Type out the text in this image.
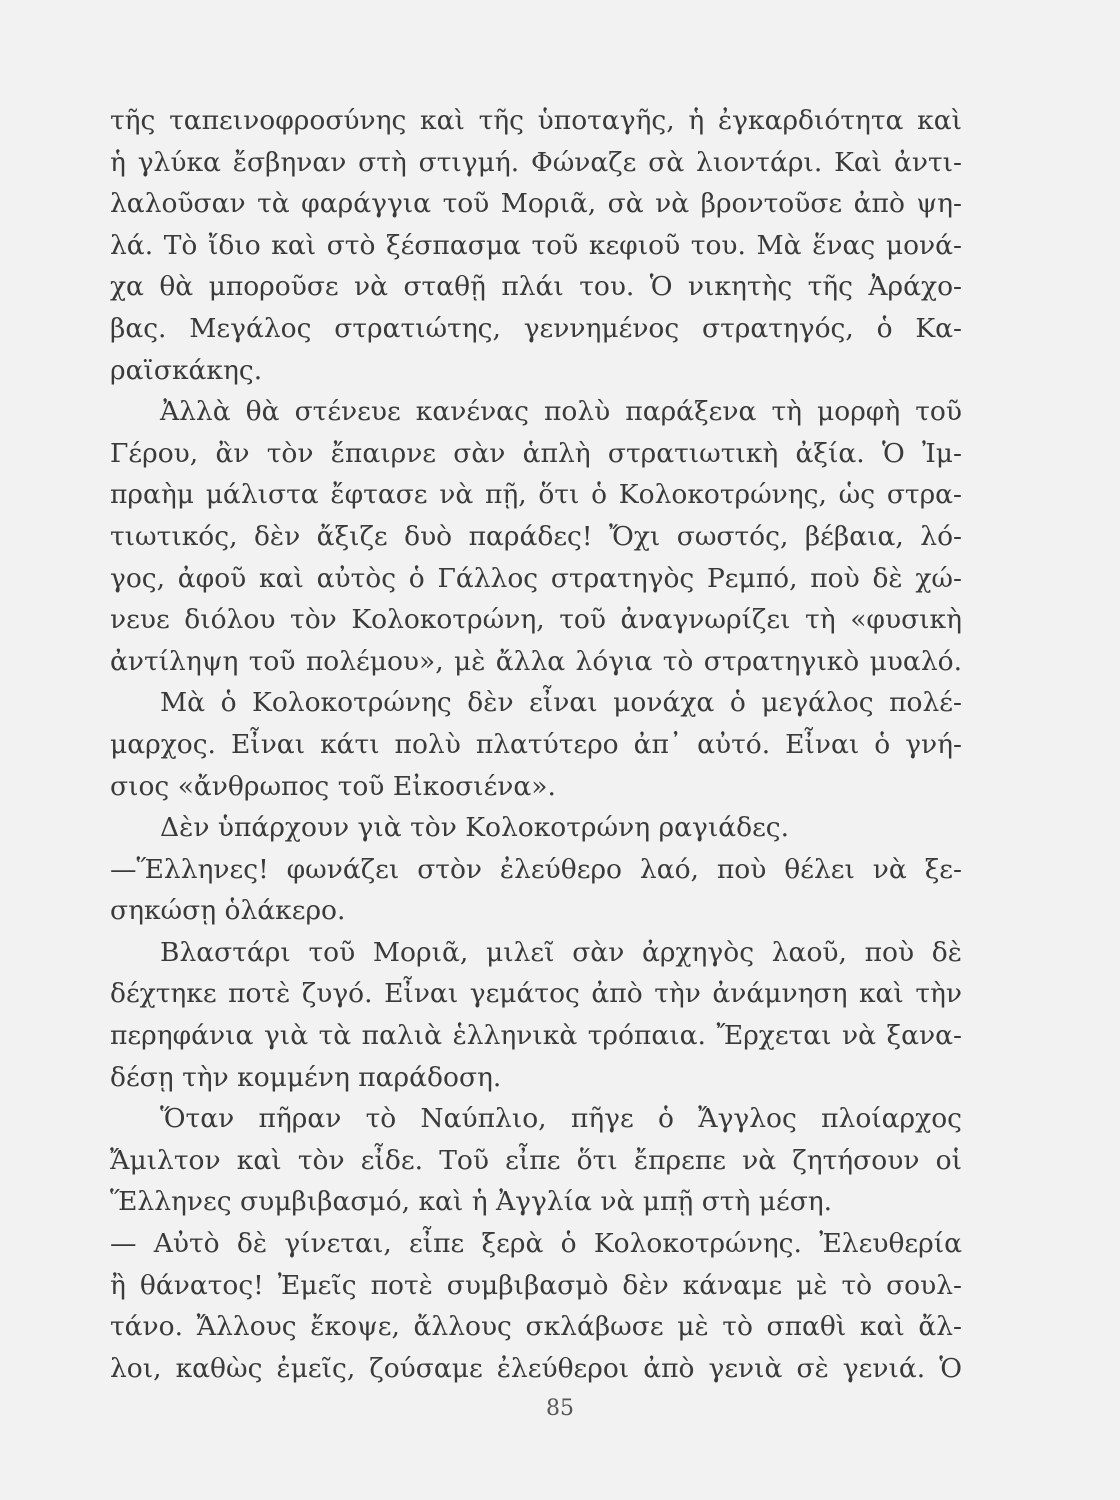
τῆς ταπεινοφροσύνης καὶ τῆς ὑποταγῆς, ἡ ἐγκαρδιότητα καὶ
ἡ γλύκα ἔσβηναν στὴ στιγμή. Φώναζε σὰ λιοντάρι. Καὶ ἀντι-
λαλοῦσαν τὰ φαράγγια τοῦ Μοριᾶ, σὰ νὰ βροντοῦσε ἀπὸ ψη-
λά. Τὸ ἴδιο καὶ στὸ ξέσπασμα τοῦ κεφιοῦ του. Μὰ ἕνας μονά-
χα θὰ μποροῦσε νὰ σταθῇ πλάι του. Ὁ νικητὴς τῆς Ἀράχο-
βας. Μεγάλος στρατιώτης, γεννημένος στρατηγός, ὁ Κα-
ραϊσκάκης.
Ἀλλὰ θὰ στένευε κανένας πολὺ παράξενα τὴ μορφὴ τοῦ
Γέρου, ἂν τὸν ἔπαιρνε σὰν ἁπλὴ στρατιωτικὴ ἀξία. Ὁ Ἰμ-
πραὴμ μάλιστα ἔφτασε νὰ πῇ, ὅτι ὁ Κολοκοτρώνης, ὡς στρα-
τιωτικός, δὲν ἄξιζε δυὸ παράδες! Ὄχι σωστός, βέβαια, λό-
γος, ἀφοῦ καὶ αὐτὸς ὁ Γάλλος στρατηγὸς Ρεμπό, ποὺ δὲ χώ-
νευε διόλου τὸν Κολοκοτρώνη, τοῦ ἀναγνωρίζει τὴ «φυσικὴ
ἀντίληψη τοῦ πολέμου», μὲ ἄλλα λόγια τὸ στρατηγικὸ μυαλό.
Μὰ ὁ Κολοκοτρώνης δὲν εἶναι μονάχα ὁ μεγάλος πολέ-
μαρχος. Εἶναι κάτι πολὺ πλατύτερο ἀπ᾽ αὐτό. Εἶναι ὁ γνή-
σιος «ἄνθρωπος τοῦ Εἰκοσιένα».
Δὲν ὑπάρχουν γιὰ τὸν Κολοκοτρώνη ραγιάδες.
—Ἕλληνες! φωνάζει στὸν ἐλεύθερο λαό, ποὺ θέλει νὰ ξε-
σηκώσῃ ὁλάκερο.
Βλαστάρι τοῦ Μοριᾶ, μιλεῖ σὰν ἀρχηγὸς λαοῦ, ποὺ δὲ
δέχτηκε ποτὲ ζυγό. Εἶναι γεμάτος ἀπὸ τὴν ἀνάμνηση καὶ τὴν
περηφάνια γιὰ τὰ παλιὰ ἑλληνικὰ τρόπαια. Ἔρχεται νὰ ξανα-
δέσῃ τὴν κομμένη παράδοση.
Ὅταν πῆραν τὸ Ναύπλιο, πῆγε ὁ Ἄγγλος πλοίαρχος
Ἄμιλτον καὶ τὸν εἶδε. Τοῦ εἶπε ὅτι ἔπρεπε νὰ ζητήσουν οἱ
Ἕλληνες συμβιβασμό, καὶ ἡ Ἀγγλία νὰ μπῇ στὴ μέση.
— Αὐτὸ δὲ γίνεται, εἶπε ξερὰ ὁ Κολοκοτρώνης. Ἐλευθερία
ἢ θάνατος! Ἐμεῖς ποτὲ συμβιβασμὸ δὲν κάναμε μὲ τὸ σουλ-
τάνο. Ἄλλους ἔκοψε, ἄλλους σκλάβωσε μὲ τὸ σπαθὶ καὶ ἄλ-
λοι, καθὼς ἐμεῖς, ζούσαμε ἐλεύθεροι ἀπὸ γενιὰ σὲ γενιά. Ὁ
85
